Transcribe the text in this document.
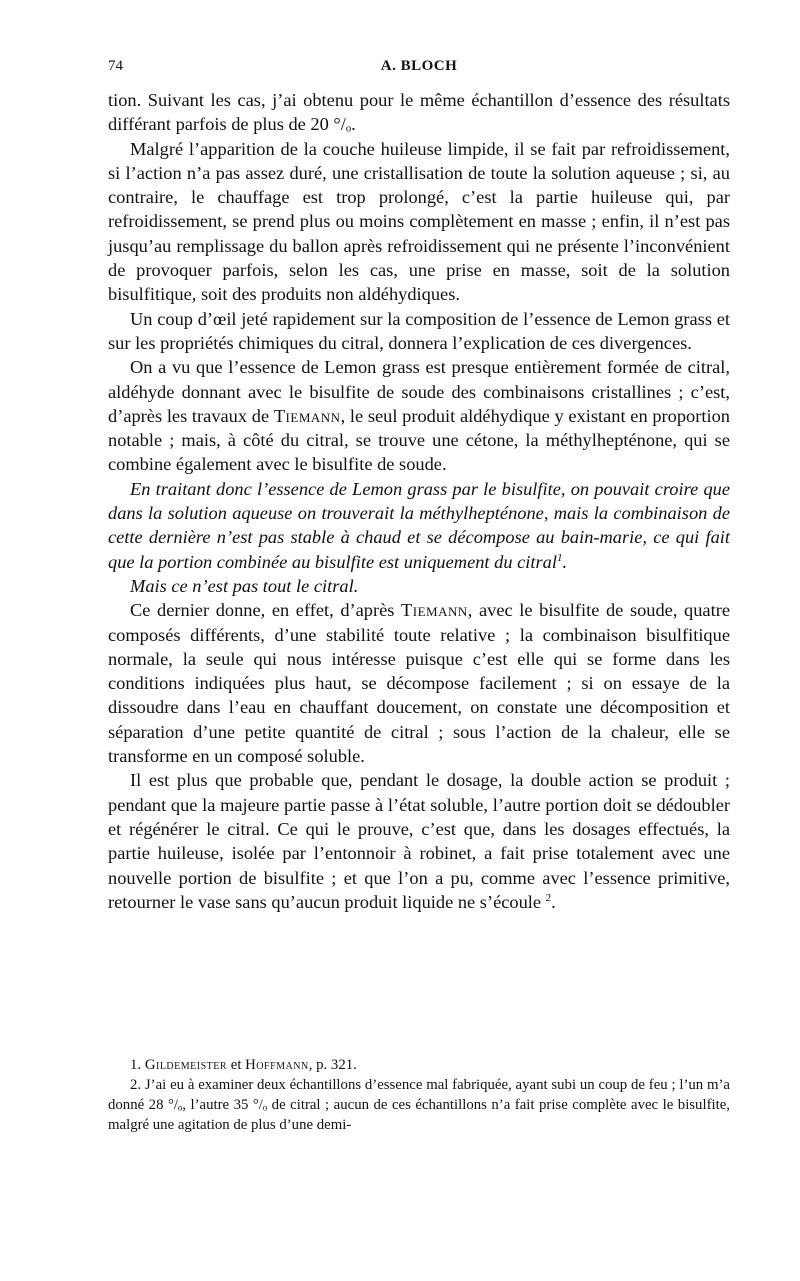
74	A. BLOCH

tion. Suivant les cas, j’ai obtenu pour le même échantillon d’essence des résultats différant parfois de plus de 20 °/ₒ.

Malgré l’apparition de la couche huileuse limpide, il se fait par refroidissement, si l’action n’a pas assez duré, une cristallisation de toute la solution aqueuse ; si, au contraire, le chauffage est trop prolongé, c’est la partie huileuse qui, par refroidissement, se prend plus ou moins complètement en masse ; enfin, il n’est pas jusqu’au remplissage du ballon après refroidissement qui ne présente l’inconvénient de provoquer parfois, selon les cas, une prise en masse, soit de la solution bisulfitique, soit des produits non aldéhydiques.

Un coup d’œil jeté rapidement sur la composition de l’essence de Lemon grass et sur les propriétés chimiques du citral, donnera l’explication de ces divergences.

On a vu que l’essence de Lemon grass est presque entièrement formée de citral, aldéhyde donnant avec le bisulfite de soude des combinaisons cristallines ; c’est, d’après les travaux de Tiemann, le seul produit aldéhydique y existant en proportion notable ; mais, à côté du citral, se trouve une cétone, la méthylhepténone, qui se combine également avec le bisulfite de soude.

En traitant donc l’essence de Lemon grass par le bisulfite, on pouvait croire que dans la solution aqueuse on trouverait la méthylhepténone, mais la combinaison de cette dernière n’est pas stable à chaud et se décompose au bain-marie, ce qui fait que la portion combinée au bisulfite est uniquement du citral$^1$.

Mais ce n’est pas tout le citral.

Ce dernier donne, en effet, d’après Tiemann, avec le bisulfite de soude, quatre composés différents, d’une stabilité toute relative ; la combinaison bisulfitique normale, la seule qui nous intéresse puisque c’est elle qui se forme dans les conditions indiquées plus haut, se décompose facilement ; si on essaye de la dissoudre dans l’eau en chauffant doucement, on constate une décomposition et séparation d’une petite quantité de citral ; sous l’action de la chaleur, elle se transforme en un composé soluble.

Il est plus que probable que, pendant le dosage, la double action se produit ; pendant que la majeure partie passe à l’état soluble, l’autre portion doit se dédoubler et régénérer le citral. Ce qui le prouve, c’est que, dans les dosages effectués, la partie huileuse, isolée par l’entonnoir à robinet, a fait prise totalement avec une nouvelle portion de bisulfite ; et que l’on a pu, comme avec l’essence primitive, retourner le vase sans qu’aucun produit liquide ne s’écoule $^2$.

1. Gildemeister et Hoffmann, p. 321.

2. J’ai eu à examiner deux échantillons d’essence mal fabriquée, ayant subi un coup de feu ; l’un m’a donné 28 °/ₒ, l’autre 35 °/ₒ de citral ; aucun de ces échantillons n’a fait prise complète avec le bisulfite, malgré une agitation de plus d’une demi-
